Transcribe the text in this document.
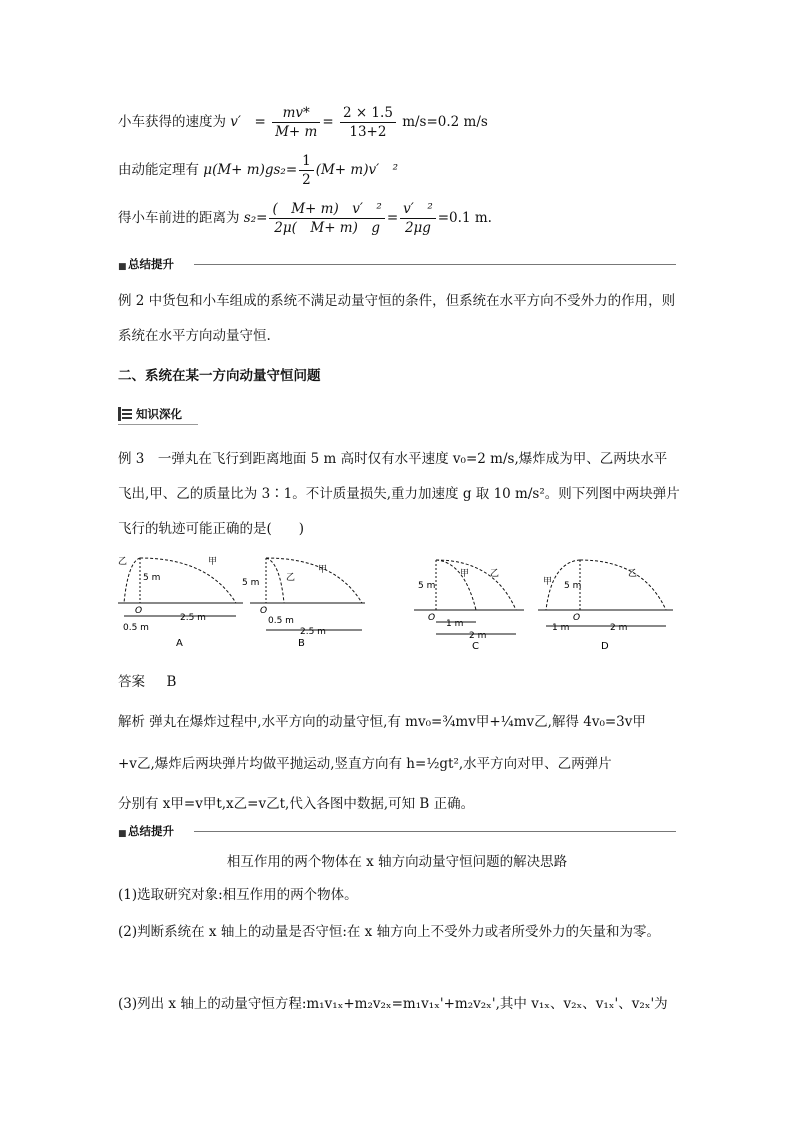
小车获得的速度为 v′　= $\frac{mv*}{M+ m} = \frac{2 \times 1.5}{13+2} m/s=0.2$ m/s
由动能定理有 $\mu(M+ m)gs_2= \frac{1}{2} (M+ m)v'$　²
得小车前进的距离为 $s_2= \frac{\text{(　M+ m)　v′　²}}{2\mu( M+ m) g} = \frac{\text{v′　²}}{2\mu g} =0.1$ m.
■ 总结提升
例 2 中货包和小车组成的系统不满足动量守恒的条件，但系统在水平方向不受外力的作用，则系统在水平方向动量守恒.
二、系统在某一方向动量守恒问题
知识深化
例 3　一弹丸在飞行到距离地面 5 m 高时仅有水平速度 v₀=2 m/s,爆炸成为甲、乙两块水平飞出,甲、乙的质量比为 3∶1。不计质量损失,重力加速度 g 取 10 m/s²。则下列图中两块弹片飞行的轨迹可能正确的是(　　)
甲
乙
5 m
O
0.5 m
2.5 m
A
甲
乙
5 m
O
0.5 m
2.5 m
B
甲 乙
5 m
O
1 m
2 m
C
甲
乙
5 m
O
1 m	2 m
D
答案 B
解析 弹丸在爆炸过程中,水平方向的动量守恒,有 mv₀=¾mv甲+¼mv乙,解得 4v₀=3v甲
+v乙,爆炸后两块弹片均做平抛运动,竖直方向有 h=½gt²,水平方向对甲、乙两弹片
分别有 x甲=v甲t,x乙=v乙t,代入各图中数据,可知 B 正确。
■ 总结提升
相互作用的两个物体在 x 轴方向动量守恒问题的解决思路
(1)选取研究对象:相互作用的两个物体。
(2)判断系统在 x 轴上的动量是否守恒:在 x 轴方向上不受外力或者所受外力的矢量和为零。
(3)列出 x 轴上的动量守恒方程:m₁v₁ₓ+m₂v₂ₓ=m₁v₁ₓ'+m₂v₂ₓ',其中 v₁ₓ、v₂ₓ、v₁ₓ'、v₂ₓ'为
